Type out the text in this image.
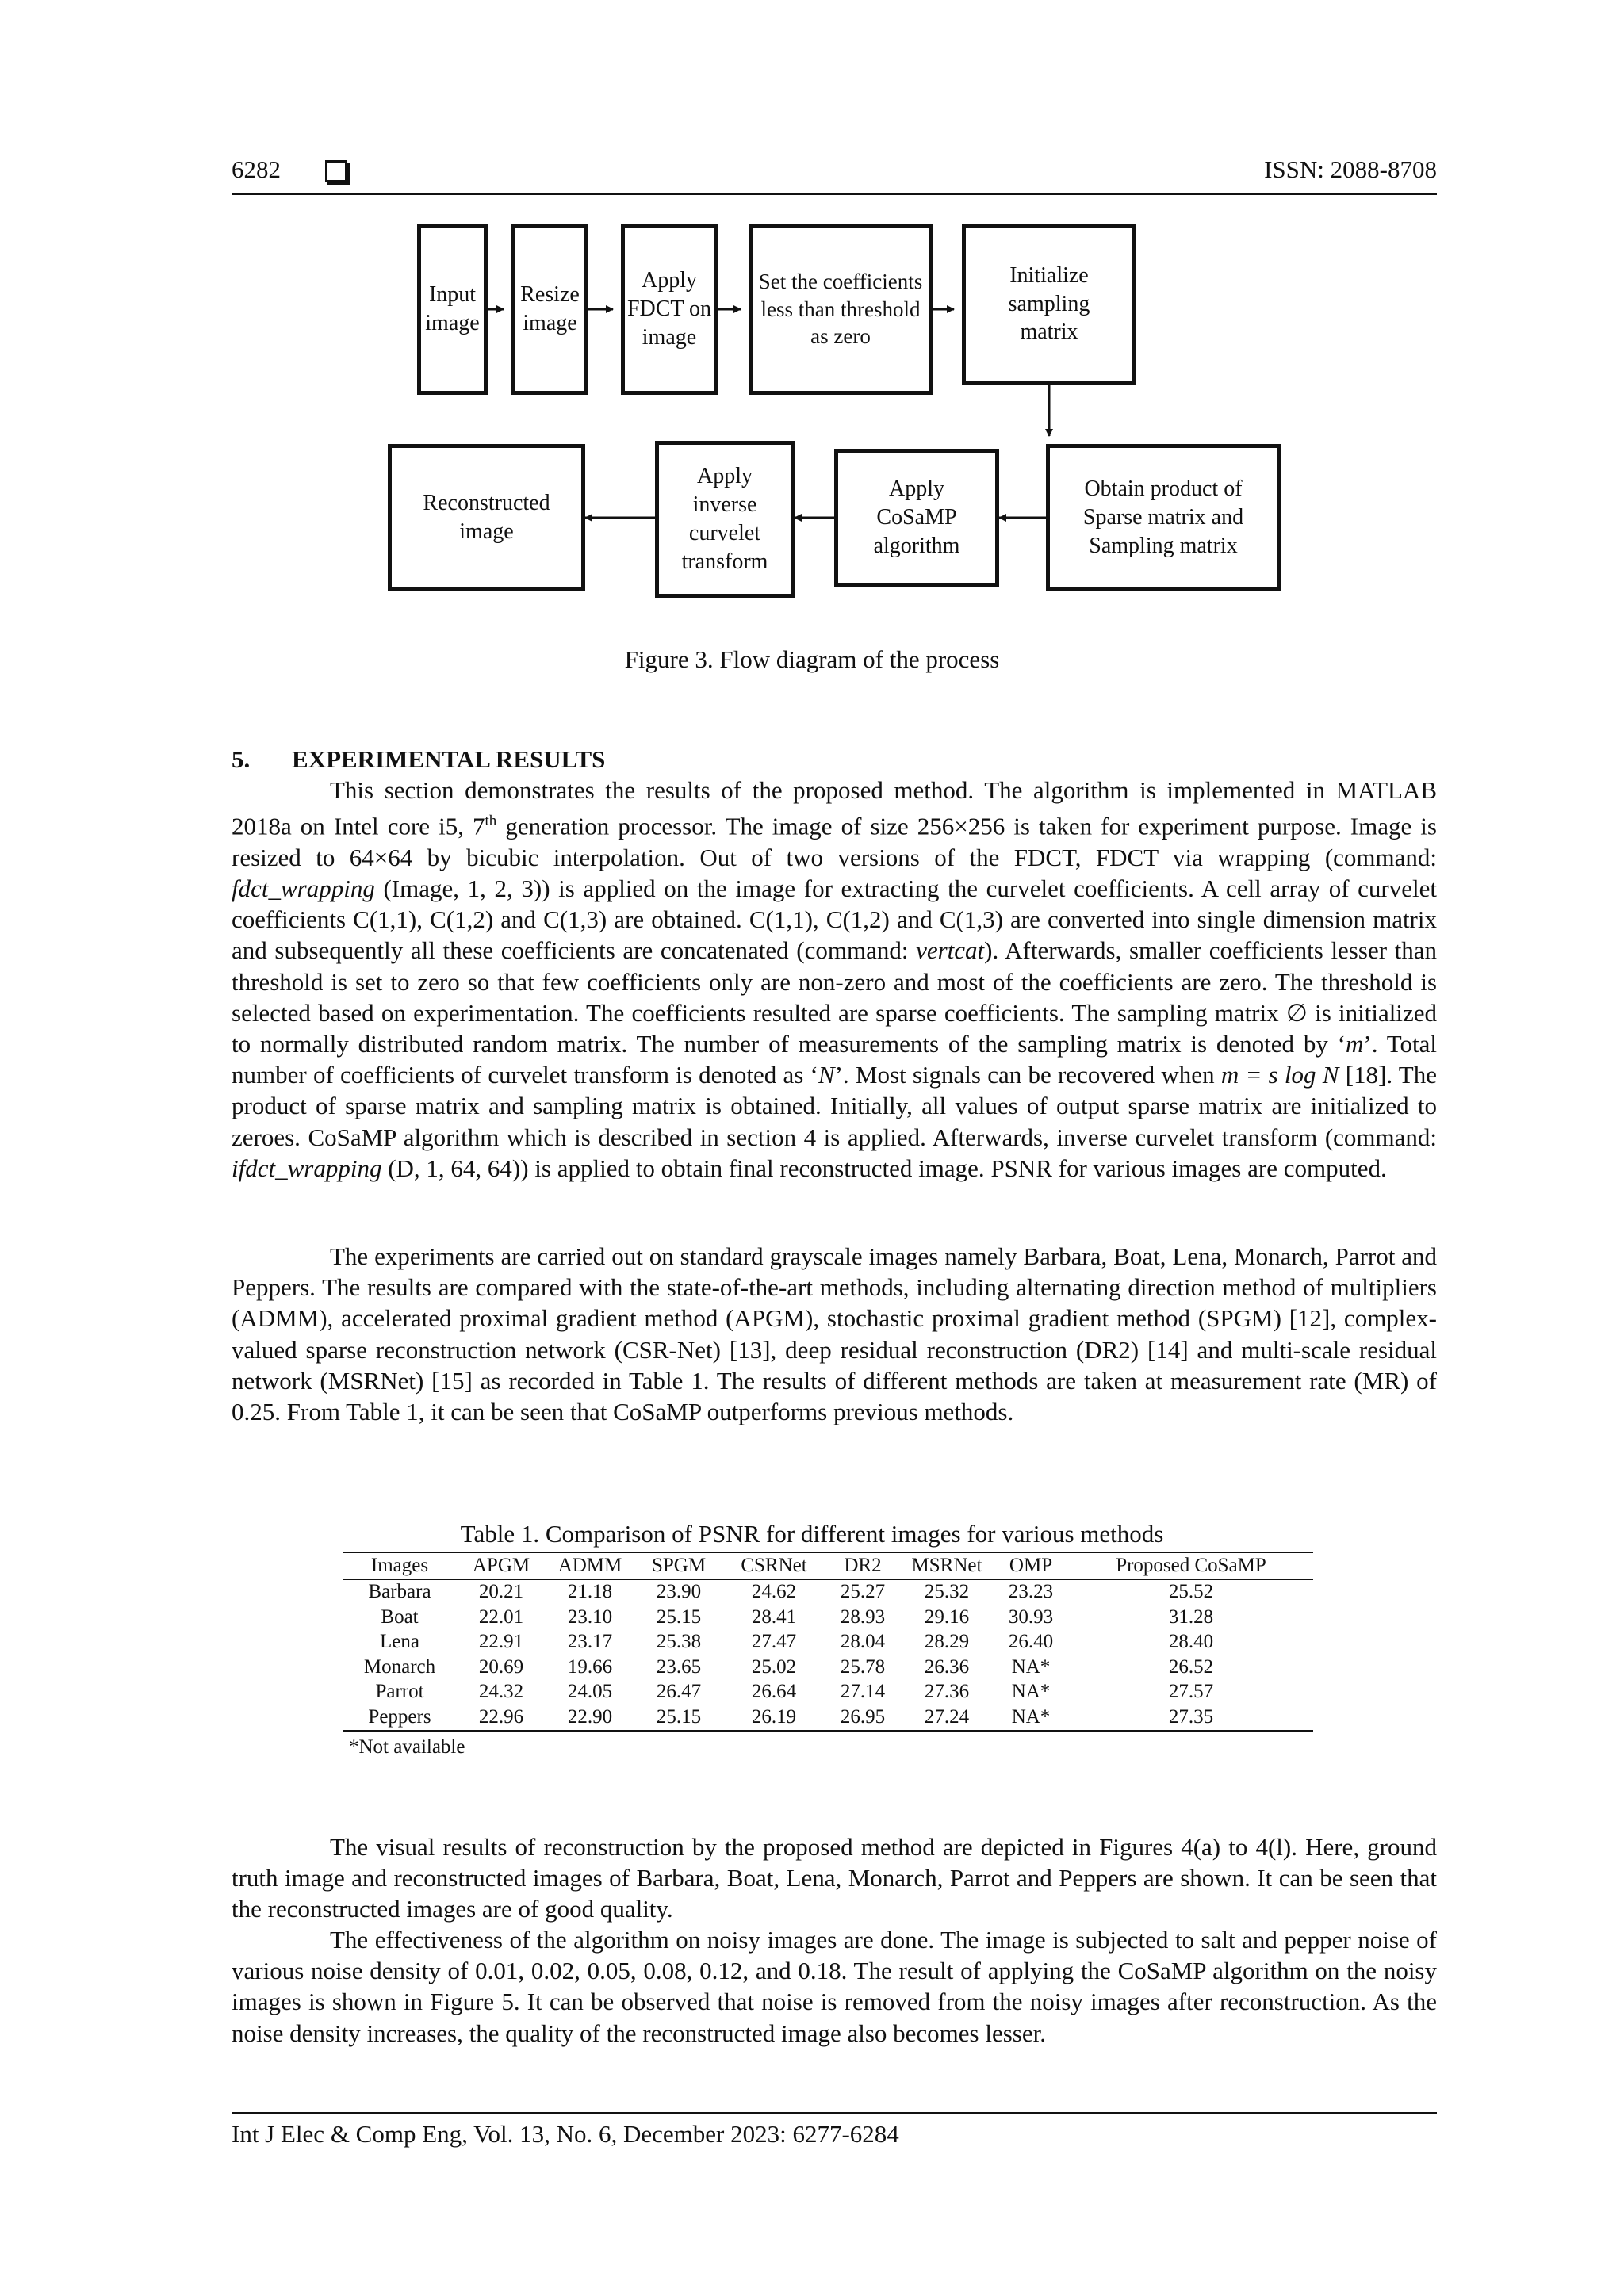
6282	ISSN: 2088-8708
Input
image
Resize
image
Apply
FDCT on
image
Set the coefficients
less than threshold
as zero
Initialize
sampling
matrix
Obtain product of
Sparse matrix and
Sampling matrix
Apply
CoSaMP
algorithm
Apply
inverse
curvelet
transform
Reconstructed
image
Figure 3. Flow diagram of the process
5. EXPERIMENTAL RESULTS

This section demonstrates the results of the proposed method. The algorithm is implemented in MATLAB 2018a on Intel core i5, 7th generation processor. The image of size 256×256 is taken for experiment purpose. Image is resized to 64×64 by bicubic interpolation. Out of two versions of the FDCT, FDCT via wrapping (command: fdct_wrapping (Image, 1, 2, 3)) is applied on the image for extracting the curvelet coefficients. A cell array of curvelet coefficients C(1,1), C(1,2) and C(1,3) are obtained. C(1,1), C(1,2) and C(1,3) are converted into single dimension matrix and subsequently all these coefficients are concatenated (command: vertcat). Afterwards, smaller coefficients lesser than threshold is set to zero so that few coefficients only are non-zero and most of the coefficients are zero. The threshold is selected based on experimentation. The coefficients resulted are sparse coefficients. The sampling matrix ∅ is initialized to normally distributed random matrix. The number of measurements of the sampling matrix is denoted by ‘m’. Total number of coefficients of curvelet transform is denoted as ‘N’. Most signals can be recovered when m = s log N [18]. The product of sparse matrix and sampling matrix is obtained. Initially, all values of output sparse matrix are initialized to zeroes. CoSaMP algorithm which is described in section 4 is applied. Afterwards, inverse curvelet transform (command: ifdct_wrapping (D, 1, 64, 64)) is applied to obtain final reconstructed image. PSNR for various images are computed.

The experiments are carried out on standard grayscale images namely Barbara, Boat, Lena, Monarch, Parrot and Peppers. The results are compared with the state-of-the-art methods, including alternating direction method of multipliers (ADMM), accelerated proximal gradient method (APGM), stochastic proximal gradient method (SPGM) [12], complex-valued sparse reconstruction network (CSR-Net) [13], deep residual reconstruction (DR2) [14] and multi-scale residual network (MSRNet) [15] as recorded in Table 1. The results of different methods are taken at measurement rate (MR) of 0.25. From Table 1, it can be seen that CoSaMP outperforms previous methods.

Table 1. Comparison of PSNR for different images for various methods
Images	APGM	ADMM	SPGM	CSRNet	DR2	MSRNet	OMP	Proposed CoSaMP
Barbara	20.21	21.18	23.90	24.62	25.27	25.32	23.23	25.52
Boat	22.01	23.10	25.15	28.41	28.93	29.16	30.93	31.28
Lena	22.91	23.17	25.38	27.47	28.04	28.29	26.40	28.40
Monarch	20.69	19.66	23.65	25.02	25.78	26.36	NA*	26.52
Parrot	24.32	24.05	26.47	26.64	27.14	27.36	NA*	27.57
Peppers	22.96	22.90	25.15	26.19	26.95	27.24	NA*	27.35
*Not available

The visual results of reconstruction by the proposed method are depicted in Figures 4(a) to 4(l). Here, ground truth image and reconstructed images of Barbara, Boat, Lena, Monarch, Parrot and Peppers are shown. It can be seen that the reconstructed images are of good quality.

The effectiveness of the algorithm on noisy images are done. The image is subjected to salt and pepper noise of various noise density of 0.01, 0.02, 0.05, 0.08, 0.12, and 0.18. The result of applying the CoSaMP algorithm on the noisy images is shown in Figure 5. It can be observed that noise is removed from the noisy images after reconstruction. As the noise density increases, the quality of the reconstructed image also becomes lesser.

Int J Elec & Comp Eng, Vol. 13, No. 6, December 2023: 6277-6284
